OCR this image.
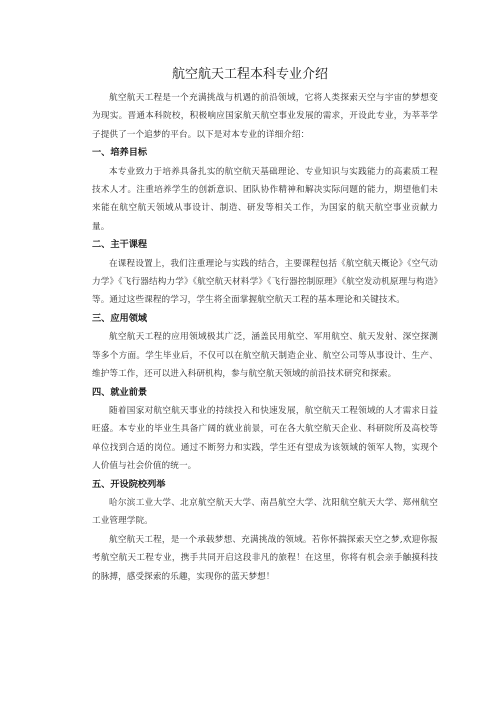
航空航天工程本科专业介绍

航空航天工程是一个充满挑战与机遇的前沿领域，它将人类探索天空与宇宙的梦想变为现实。晋通本科院校，积极响应国家航天航空事业发展的需求，开设此专业，为莘莘学子提供了一个追梦的平台。以下是对本专业的详细介绍：

一、培养目标

本专业致力于培养具备扎实的航空航天基础理论、专业知识与实践能力的高素质工程技术人才。注重培养学生的创新意识、团队协作精神和解决实际问题的能力，期望他们未来能在航空航天领域从事设计、制造、研发等相关工作，为国家的航天航空事业贡献力量。

二、主干课程

在课程设置上，我们注重理论与实践的结合，主要课程包括《航空航天概论》《空气动力学》《飞行器结构力学》《航空航天材料学》《飞行器控制原理》《航空发动机原理与构造》等。通过这些课程的学习，学生将全面掌握航空航天工程的基本理论和关键技术。

三、应用领域

航空航天工程的应用领域极其广泛，涵盖民用航空、军用航空、航天发射、深空探测等多个方面。学生毕业后，不仅可以在航空航天制造企业、航空公司等从事设计、生产、维护等工作，还可以进入科研机构，参与航空航天领域的前沿技术研究和探索。

四、就业前景

随着国家对航空航天事业的持续投入和快速发展，航空航天工程领域的人才需求日益旺盛。本专业的毕业生具备广阔的就业前景，可在各大航空航天企业、科研院所及高校等单位找到合适的岗位。通过不断努力和实践，学生还有望成为该领域的领军人物，实现个人价值与社会价值的统一。

五、开设院校列举

哈尔滨工业大学、北京航空航天大学、南昌航空大学、沈阳航空航天大学、郑州航空工业管理学院。

航空航天工程，是一个承载梦想、充满挑战的领域。若你怀揣探索天空之梦,欢迎你报考航空航天工程专业，携手共同开启这段非凡的旅程！在这里，你将有机会亲手触摸科技的脉搏，感受探索的乐趣，实现你的蓝天梦想！
